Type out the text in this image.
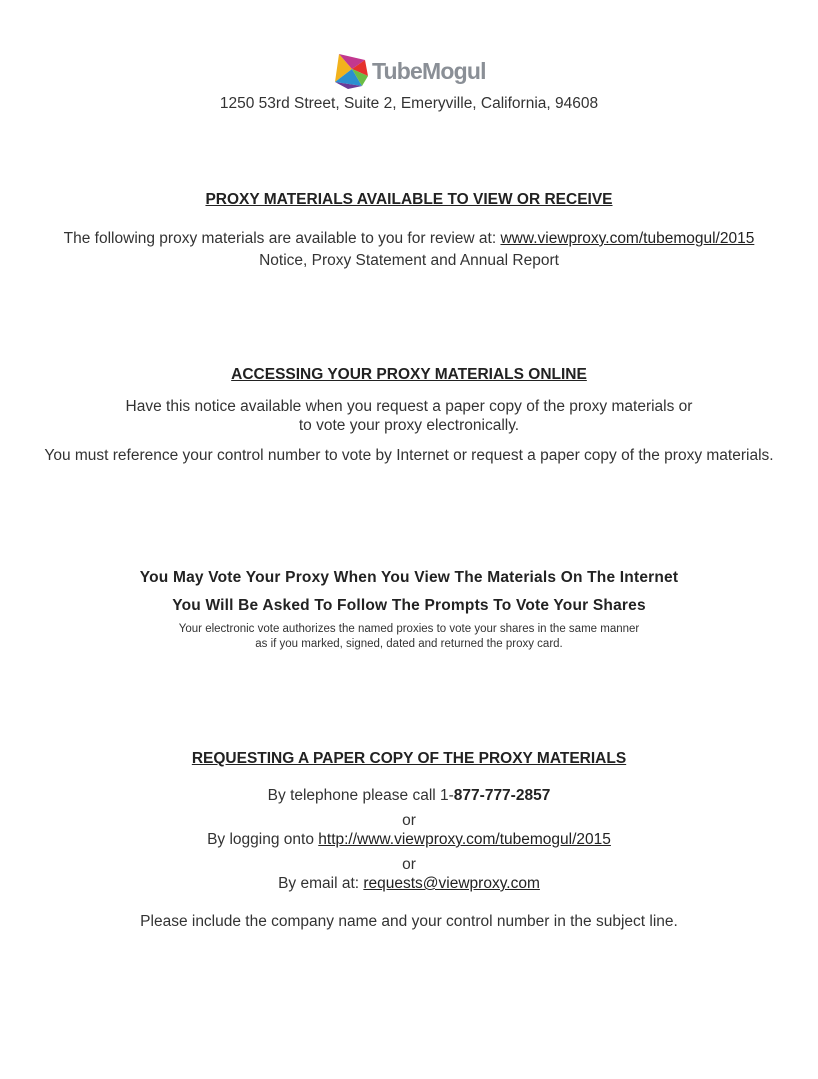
TubeMogul
1250 53rd Street, Suite 2, Emeryville, California, 94608
PROXY MATERIALS AVAILABLE TO VIEW OR RECEIVE
The following proxy materials are available to you for review at: www.viewproxy.com/tubemogul/2015
Notice, Proxy Statement and Annual Report
ACCESSING YOUR PROXY MATERIALS ONLINE
Have this notice available when you request a paper copy of the proxy materials or
to vote your proxy electronically.
You must reference your control number to vote by Internet or request a paper copy of the proxy materials.
You May Vote Your Proxy When You View The Materials On The Internet
You Will Be Asked To Follow The Prompts To Vote Your Shares
Your electronic vote authorizes the named proxies to vote your shares in the same manner
as if you marked, signed, dated and returned the proxy card.
REQUESTING A PAPER COPY OF THE PROXY MATERIALS
By telephone please call 1-877-777-2857
or
By logging onto http://www.viewproxy.com/tubemogul/2015
or
By email at: requests@viewproxy.com
Please include the company name and your control number in the subject line.
